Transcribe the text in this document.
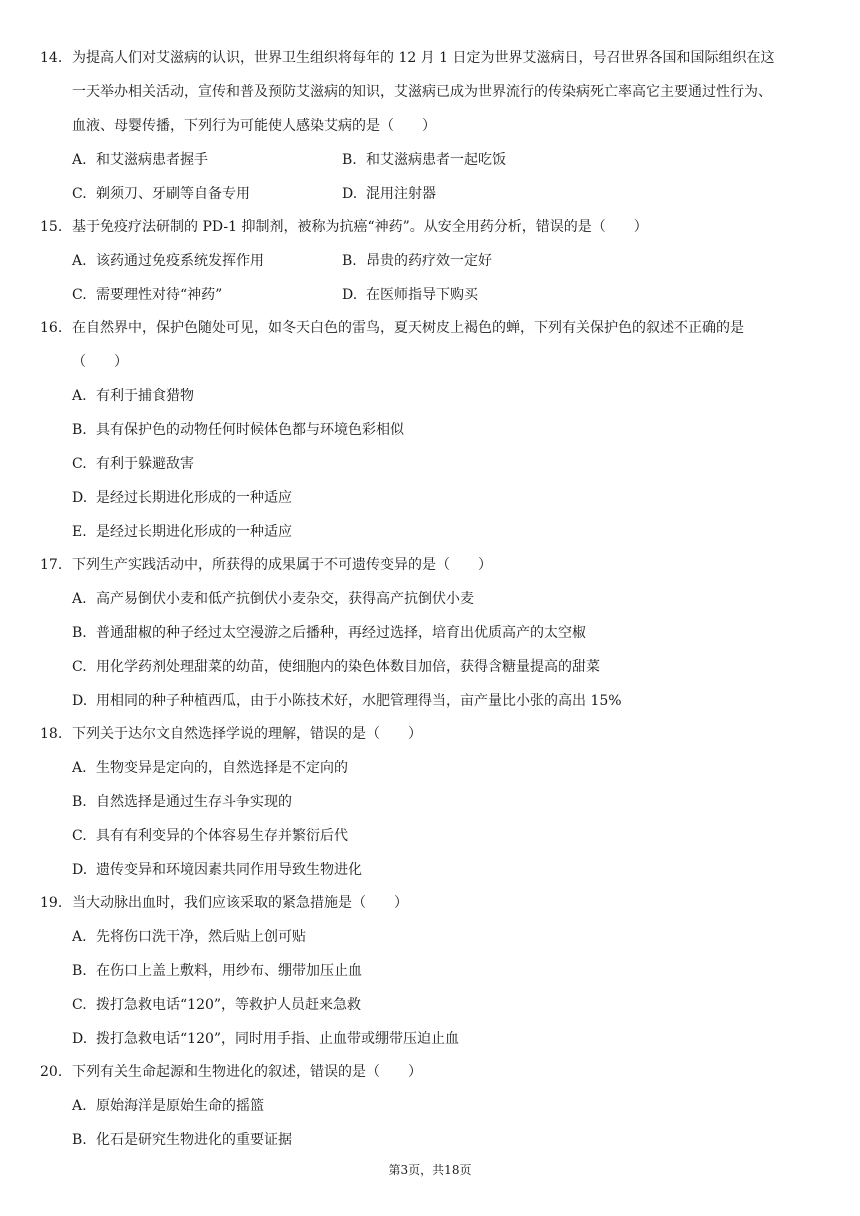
14. 为提高人们对艾滋病的认识，世界卫生组织将每年的 12 月 1 日定为世界艾滋病日，号召世界各国和国际组织在这
一天举办相关活动，宣传和普及预防艾滋病的知识，艾滋病已成为世界流行的传染病死亡率高它主要通过性行为、
血液、母婴传播，下列行为可能使人感染艾病的是（　　）
A. 和艾滋病患者握手	B. 和艾滋病患者一起吃饭
C. 剃须刀、牙刷等自备专用	D. 混用注射器
15. 基于免疫疗法研制的 PD-1 抑制剂，被称为抗癌“神药”。从安全用药分析，错误的是（　　）
A. 该药通过免疫系统发挥作用	B. 昂贵的药疗效一定好
C. 需要理性对待“神药”	D. 在医师指导下购买
16. 在自然界中，保护色随处可见，如冬天白色的雷鸟，夏天树皮上褐色的蝉，下列有关保护色的叙述不正确的是
（　　）
A. 有利于捕食猎物
B. 具有保护色的动物任何时候体色都与环境色彩相似
C. 有利于躲避敌害
D. 是经过长期进化形成的一种适应
E. 是经过长期进化形成的一种适应
17. 下列生产实践活动中，所获得的成果属于不可遗传变异的是（　　）
A. 高产易倒伏小麦和低产抗倒伏小麦杂交，获得高产抗倒伏小麦
B. 普通甜椒的种子经过太空漫游之后播种，再经过选择，培育出优质高产的太空椒
C. 用化学药剂处理甜菜的幼苗，使细胞内的染色体数目加倍，获得含糖量提高的甜菜
D. 用相同的种子种植西瓜，由于小陈技术好，水肥管理得当，亩产量比小张的高出 15%
18. 下列关于达尔文自然选择学说的理解，错误的是（　　）
A. 生物变异是定向的，自然选择是不定向的
B. 自然选择是通过生存斗争实现的
C. 具有有利变异的个体容易生存并繁衍后代
D. 遗传变异和环境因素共同作用导致生物进化
19. 当大动脉出血时，我们应该采取的紧急措施是（　　）
A. 先将伤口洗干净，然后贴上创可贴
B. 在伤口上盖上敷料，用纱布、绷带加压止血
C. 拨打急救电话“120”，等救护人员赶来急救
D. 拨打急救电话“120”，同时用手指、止血带或绷带压迫止血
20. 下列有关生命起源和生物进化的叙述，错误的是（　　）
A. 原始海洋是原始生命的摇篮
B. 化石是研究生物进化的重要证据
第3页，共18页
